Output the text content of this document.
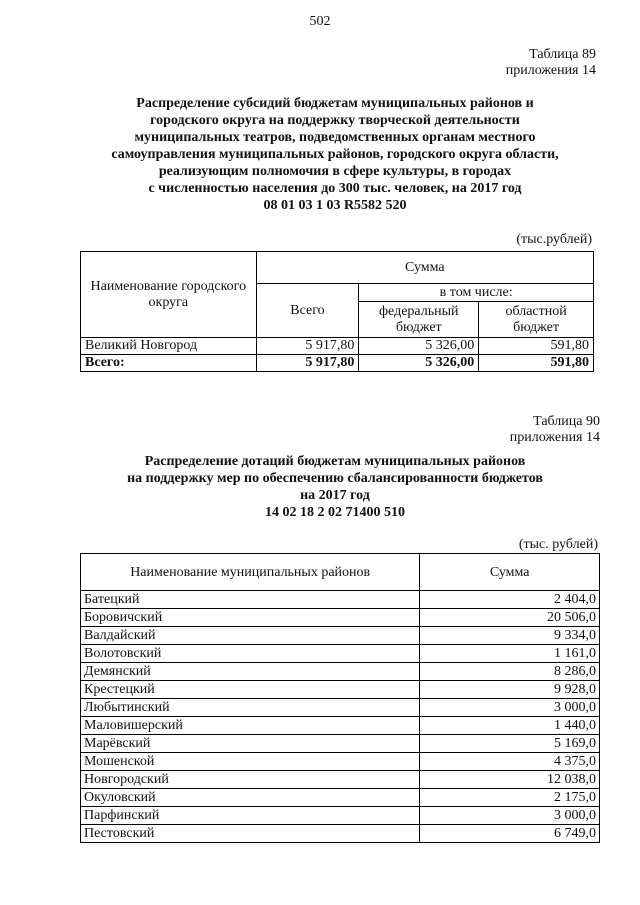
502
Таблица 89
приложения 14
Распределение субсидий бюджетам муниципальных районов и
городского округа на поддержку творческой деятельности
муниципальных театров, подведомственных органам местного
самоуправления муниципальных районов, городского округа области,
реализующим полномочия в сфере культуры, в городах
с численностью населения до 300 тыс. человек, на 2017 год
08 01 03 1 03 R5582 520
(тыс.рублей)
Наименование городского округа	Сумма		
	Всего	в том числе:	
		федеральный бюджет	областной бюджет
Великий Новгород	5 917,80	5 326,00	591,80
Всего:	5 917,80	5 326,00	591,80
Таблица 90
приложения 14
Распределение дотаций бюджетам муниципальных районов
на поддержку мер по обеспечению сбалансированности бюджетов
на 2017 год
14 02 18 2 02 71400 510
(тыс. рублей)
Наименование муниципальных районов	Сумма
Батецкий	2 404,0
Боровичский	20 506,0
Валдайский	9 334,0
Волотовский	1 161,0
Демянский	8 286,0
Крестецкий	9 928,0
Любытинский	3 000,0
Маловишерский	1 440,0
Марёвский	5 169,0
Мошенской	4 375,0
Новгородский	12 038,0
Окуловский	2 175,0
Парфинский	3 000,0
Пестовский	6 749,0
